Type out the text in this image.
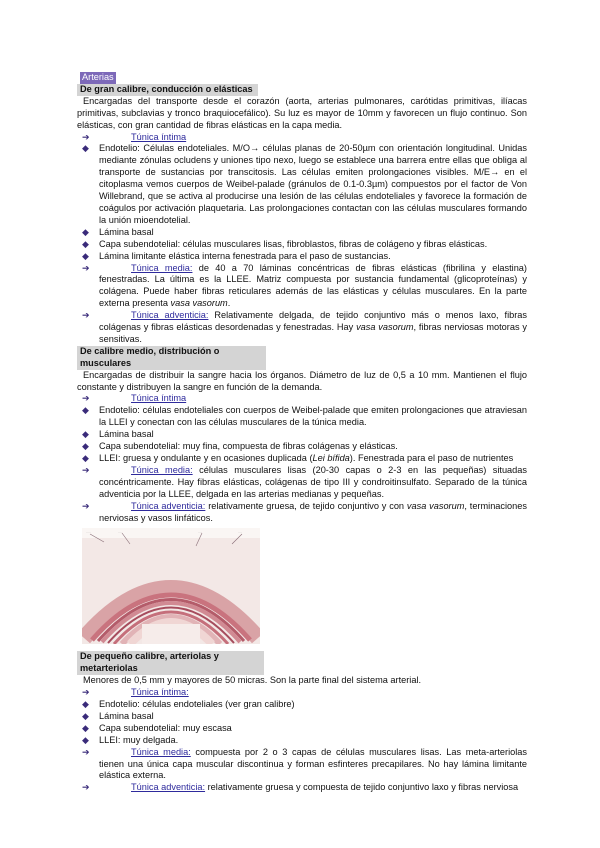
Arterias
De gran calibre, conducción o elásticas

Encargadas del transporte desde el corazón (aorta, arterias pulmonares, carótidas primitivas, ilíacas primitivas, subclavias y tronco braquiocefálico). Su luz es mayor de 10mm y favorecen un flujo continuo. Son elásticas, con gran cantidad de fibras elásticas en la capa media.

➔	Túnica íntima
◆	Endotelio: Células endoteliales. M/O→ células planas de 20-50µm con orientación longitudinal. Unidas mediante zónulas ocludens y uniones tipo nexo, luego se establece una barrera entre ellas que obliga al transporte de sustancias por transcitosis. Las células emiten prolongaciones visibles. M/E→ en el citoplasma vemos cuerpos de Weibel-palade (gránulos de 0.1-0.3µm) compuestos por el factor de Von Willebrand, que se activa al producirse una lesión de las células endoteliales y favorece la formación de coágulos por activación plaquetaria. Las prolongaciones contactan con las células musculares formando la unión mioendotelial.
◆	Lámina basal
◆	Capa subendotelial: células musculares lisas, fibroblastos, fibras de colágeno y fibras elásticas.
◆	Lámina limitante elástica interna fenestrada para el paso de sustancias.
➔	Túnica media: de 40 a 70 láminas concéntricas de fibras elásticas (fibrilina y elastina) fenestradas. La última es la LLEE. Matriz compuesta por sustancia fundamental (glicoproteínas) y colágena. Puede haber fibras reticulares además de las elásticas y células musculares. En la parte externa presenta vasa vasorum.
➔	Túnica adventicia: Relativamente delgada, de tejido conjuntivo más o menos laxo, fibras colágenas y fibras elásticas desordenadas y fenestradas. Hay vasa vasorum, fibras nerviosas motoras y sensitivas.
De calibre medio, distribución o musculares

Encargadas de distribuir la sangre hacia los órganos. Diámetro de luz de 0,5 a 10 mm. Mantienen el flujo constante y distribuyen la sangre en función de la demanda.

➔	Túnica íntima
◆	Endotelio: células endoteliales con cuerpos de Weibel-palade que emiten prolongaciones que atraviesan la LLEI y conectan con las células musculares de la túnica media.
◆	Lámina basal
◆	Capa subendotelial: muy fina, compuesta de fibras colágenas y elásticas.
◆	LLEI: gruesa y ondulante y en ocasiones duplicada (Lei bífida). Fenestrada para el paso de nutrientes
➔	Túnica media: células musculares lisas (20-30 capas o 2-3 en las pequeñas) situadas concéntricamente. Hay fibras elásticas, colágenas de tipo III y condroitinsulfato. Separado de la túnica adventicia por la LLEE, delgada en las arterias medianas y pequeñas.
➔	Túnica adventicia: relativamente gruesa, de tejido conjuntivo y con vasa vasorum, terminaciones nerviosas y vasos linfáticos.
·····	····	····	····
De pequeño calibre, arteriolas y metarteriolas

Menores de 0,5 mm y mayores de 50 micras. Son la parte final del sistema arterial.

➔	Túnica íntima:
◆	Endotelio: células endoteliales (ver gran calibre)
◆	Lámina basal
◆	Capa subendotelial: muy escasa
◆	LLEI: muy delgada.
➔	Túnica media: compuesta por 2 o 3 capas de células musculares lisas. Las meta-arteriolas tienen una única capa muscular discontinua y forman esfinteres precapilares. No hay lámina limitante elástica externa.
➔	Túnica adventicia: relativamente gruesa y compuesta de tejido conjuntivo laxo y fibras nerviosa
